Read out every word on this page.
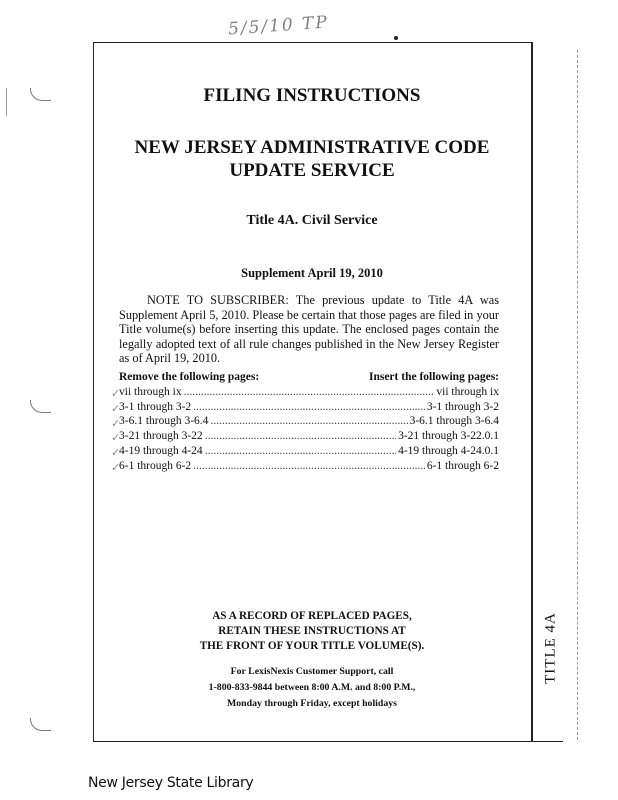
5/5/10 TP
TITLE 4A
FILING INSTRUCTIONS
NEW JERSEY ADMINISTRATIVE CODE
UPDATE SERVICE
Title 4A. Civil Service
Supplement April 19, 2010
NOTE TO SUBSCRIBER: The previous update to Title 4A was Supplement April 5, 2010. Please be certain that those pages are filed in your Title volume(s) before inserting this update. The enclosed pages contain the legally adopted text of all rule changes published in the New Jersey Register as of April 19, 2010.
Remove the following pages:	Insert the following pages:
vii through ix .....	vii through ix
3-1 through 3-2 .....	3-1 through 3-2
3-6.1 through 3-6.4 .....	3-6.1 through 3-6.4
3-21 through 3-22 .....	3-21 through 3-22.0.1
4-19 through 4-24 .....	4-19 through 4-24.0.1
6-1 through 6-2 .....	6-1 through 6-2
✓
✓
✓
✓
✓
✓
AS A RECORD OF REPLACED PAGES,
RETAIN THESE INSTRUCTIONS AT
THE FRONT OF YOUR TITLE VOLUME(S).
For LexisNexis Customer Support, call
1-800-833-9844 between 8:00 A.M. and 8:00 P.M.,
Monday through Friday, except holidays
New Jersey State Library
